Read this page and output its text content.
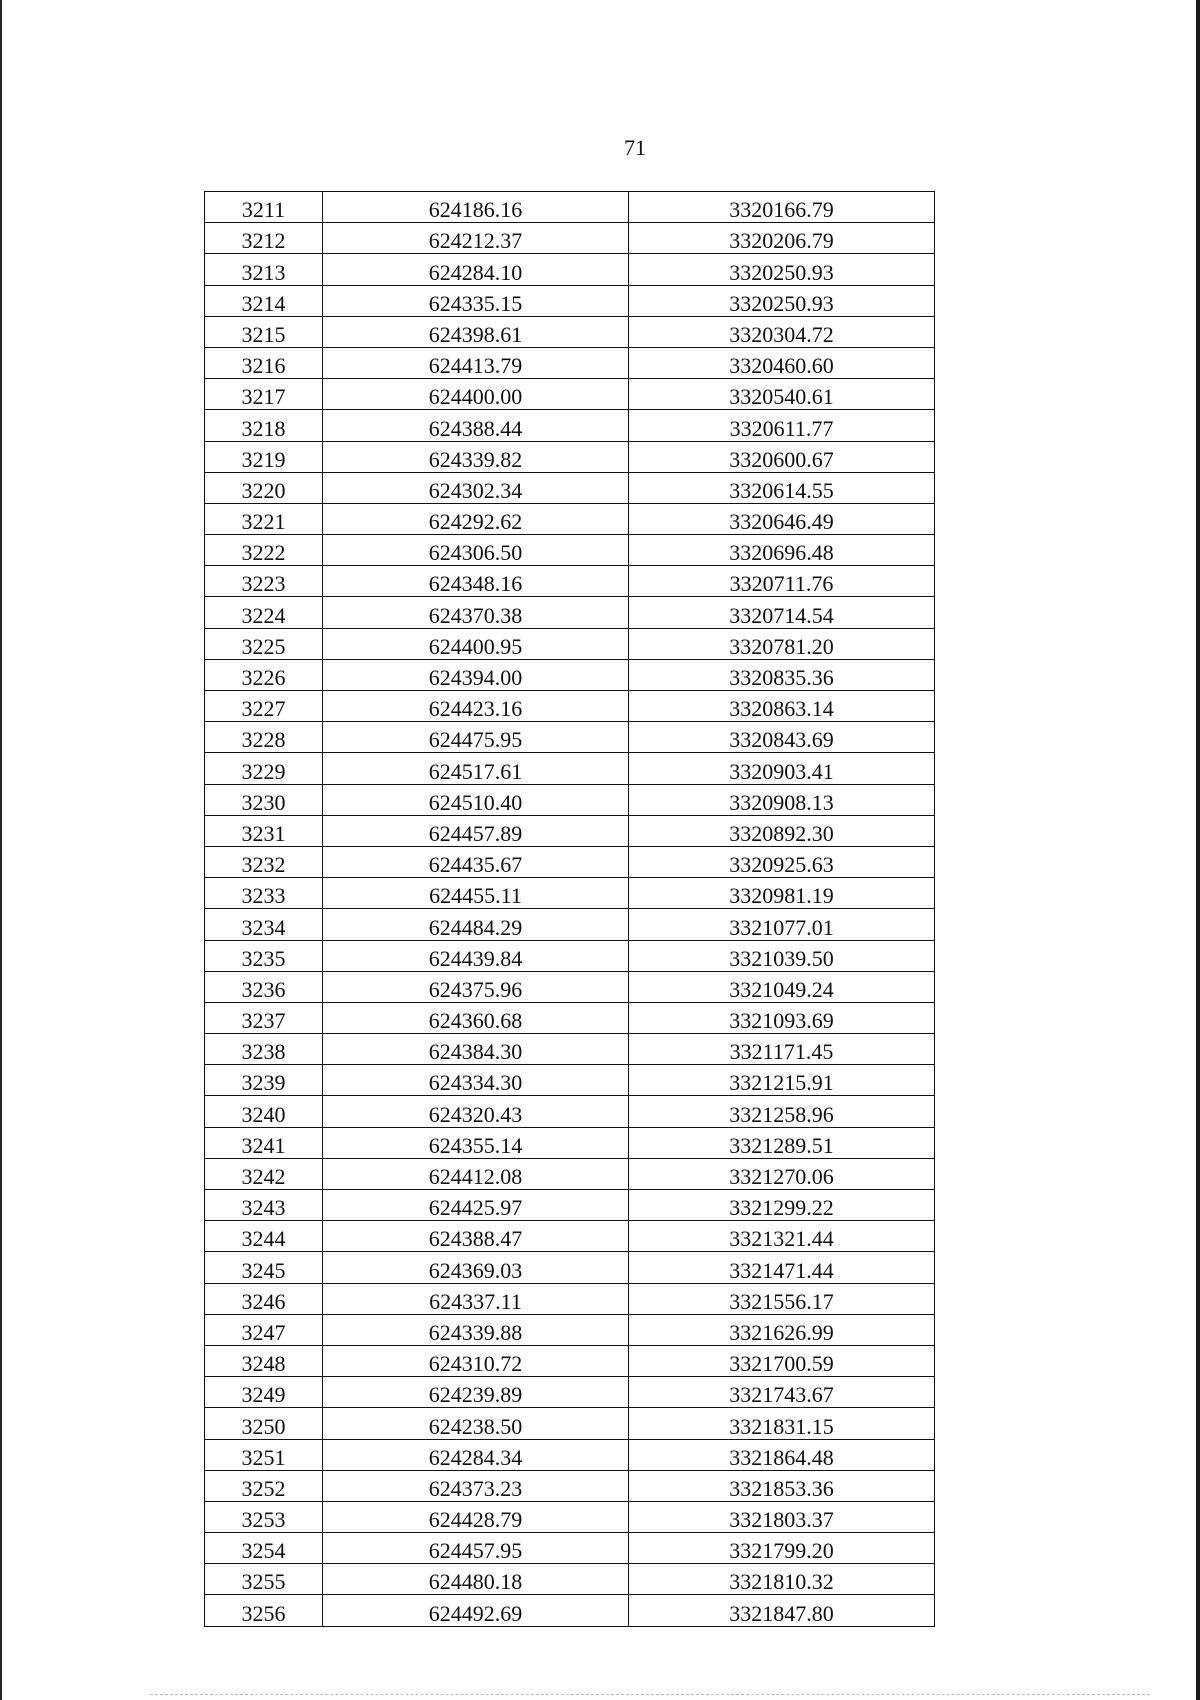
71
3211	624186.16	3320166.79
3212	624212.37	3320206.79
3213	624284.10	3320250.93
3214	624335.15	3320250.93
3215	624398.61	3320304.72
3216	624413.79	3320460.60
3217	624400.00	3320540.61
3218	624388.44	3320611.77
3219	624339.82	3320600.67
3220	624302.34	3320614.55
3221	624292.62	3320646.49
3222	624306.50	3320696.48
3223	624348.16	3320711.76
3224	624370.38	3320714.54
3225	624400.95	3320781.20
3226	624394.00	3320835.36
3227	624423.16	3320863.14
3228	624475.95	3320843.69
3229	624517.61	3320903.41
3230	624510.40	3320908.13
3231	624457.89	3320892.30
3232	624435.67	3320925.63
3233	624455.11	3320981.19
3234	624484.29	3321077.01
3235	624439.84	3321039.50
3236	624375.96	3321049.24
3237	624360.68	3321093.69
3238	624384.30	3321171.45
3239	624334.30	3321215.91
3240	624320.43	3321258.96
3241	624355.14	3321289.51
3242	624412.08	3321270.06
3243	624425.97	3321299.22
3244	624388.47	3321321.44
3245	624369.03	3321471.44
3246	624337.11	3321556.17
3247	624339.88	3321626.99
3248	624310.72	3321700.59
3249	624239.89	3321743.67
3250	624238.50	3321831.15
3251	624284.34	3321864.48
3252	624373.23	3321853.36
3253	624428.79	3321803.37
3254	624457.95	3321799.20
3255	624480.18	3321810.32
3256	624492.69	3321847.80
